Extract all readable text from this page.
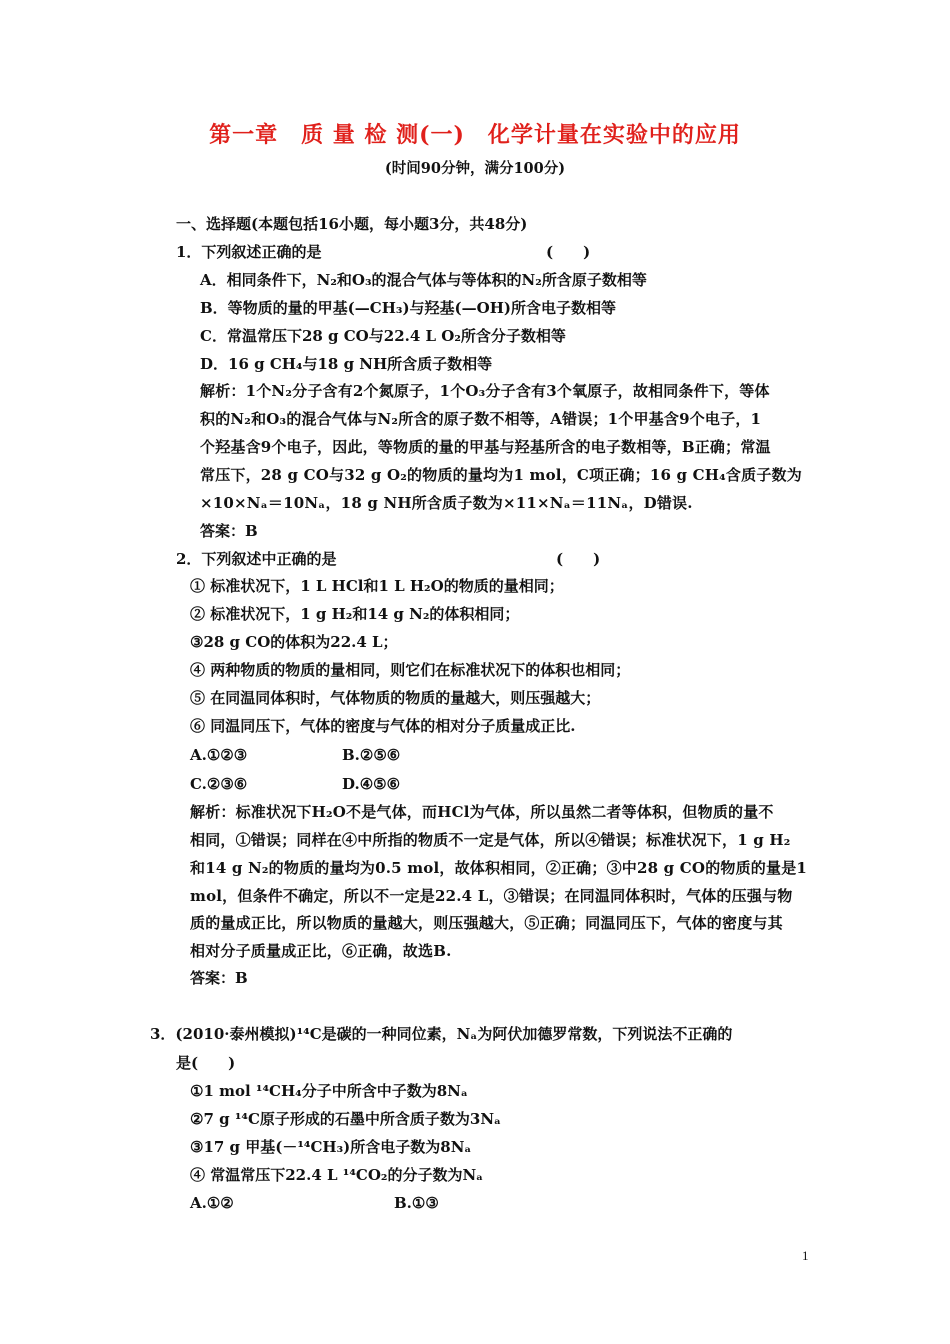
第一章　质 量 检 测(一)　化学计量在实验中的应用
(时间90分钟，满分100分)
一、选择题(本题包括16小题，每小题3分，共48分)
1．下列叙述正确的是	(　　)
A．相同条件下，N₂和O₃的混合气体与等体积的N₂所含原子数相等
B．等物质的量的甲基(—CH₃)与羟基(—OH)所含电子数相等
C．常温常压下28 g CO与22.4 L O₂所含分子数相等
D．16 g CH₄与18 g NH所含质子数相等
解析：1个N₂分子含有2个氮原子，1个O₃分子含有3个氧原子，故相同条件下，等体
积的N₂和O₃的混合气体与N₂所含的原子数不相等，A错误；1个甲基含9个电子，1
个羟基含9个电子，因此，等物质的量的甲基与羟基所含的电子数相等，B正确；常温
常压下，28 g CO与32 g O₂的物质的量均为1 mol，C项正确；16 g CH₄含质子数为
×10×Nₐ＝10Nₐ，18 g NH所含质子数为×11×Nₐ＝11Nₐ，D错误.
答案：B
2．下列叙述中正确的是	(　　)
① 标准状况下，1 L HCl和1 L H₂O的物质的量相同；
② 标准状况下，1 g H₂和14 g N₂的体积相同；
③28 g CO的体积为22.4 L；
④ 两种物质的物质的量相同，则它们在标准状况下的体积也相同；
⑤ 在同温同体积时，气体物质的物质的量越大，则压强越大；
⑥ 同温同压下，气体的密度与气体的相对分子质量成正比.
A.①②③	B.②⑤⑥
C.②③⑥	D.④⑤⑥
解析：标准状况下H₂O不是气体，而HCl为气体，所以虽然二者等体积，但物质的量不
相同，①错误；同样在④中所指的物质不一定是气体，所以④错误；标准状况下，1 g H₂
和14 g N₂的物质的量均为0.5 mol，故体积相同，②正确；③中28 g CO的物质的量是1
mol，但条件不确定，所以不一定是22.4 L，③错误；在同温同体积时，气体的压强与物
质的量成正比，所以物质的量越大，则压强越大，⑤正确；同温同压下，气体的密度与其
相对分子质量成正比，⑥正确，故选B.
答案：B
3．(2010·泰州模拟)¹⁴C是碳的一种同位素，Nₐ为阿伏加德罗常数，下列说法不正确的
是(　　)
①1 mol ¹⁴CH₄分子中所含中子数为8Nₐ
②7 g ¹⁴C原子形成的石墨中所含质子数为3Nₐ
③17 g 甲基(－¹⁴CH₃)所含电子数为8Nₐ
④ 常温常压下22.4 L ¹⁴CO₂的分子数为Nₐ
A.①②	B.①③
1
